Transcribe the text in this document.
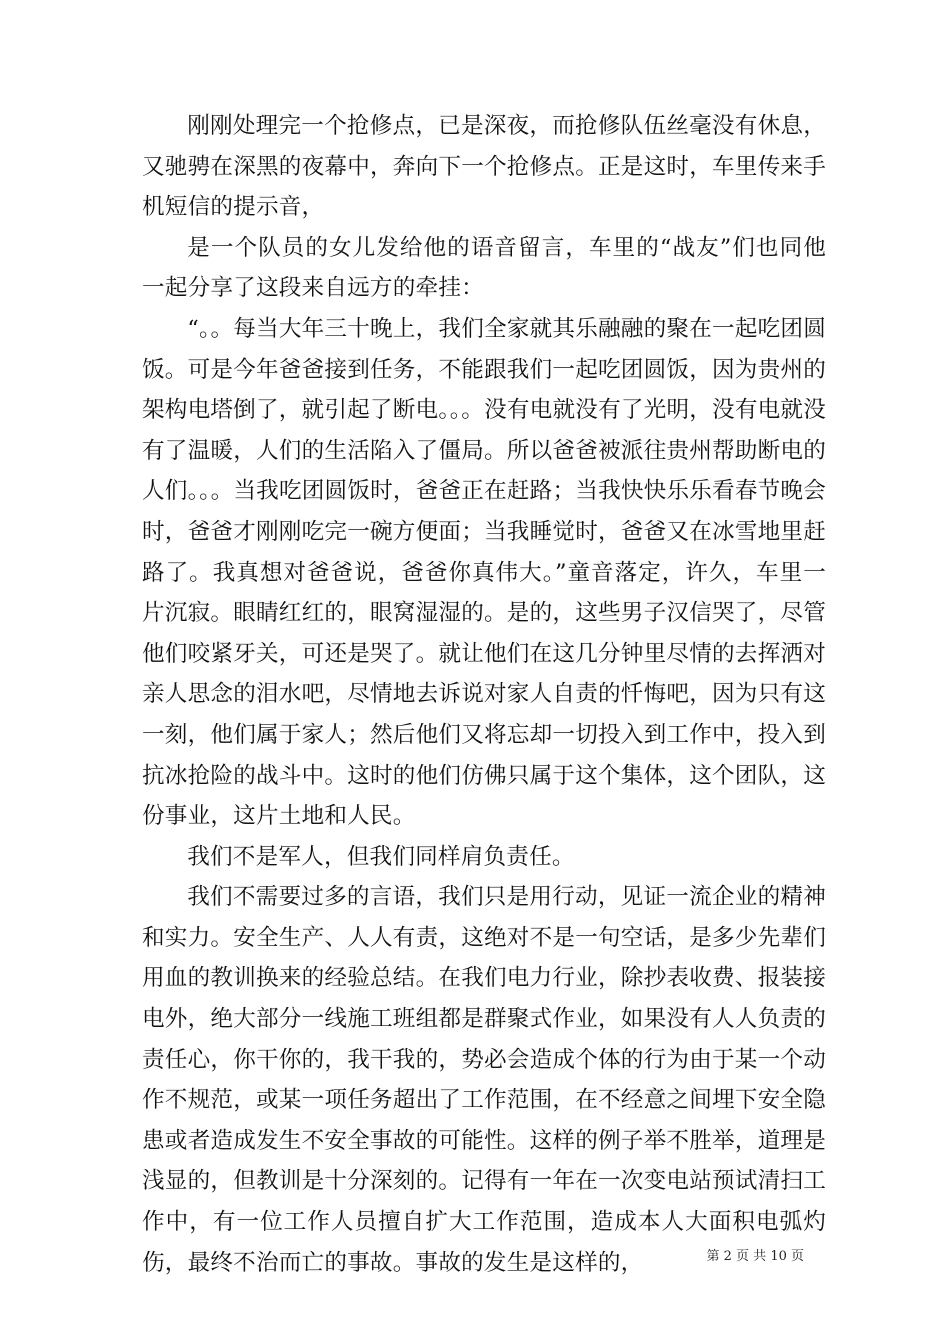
刚刚处理完一个抢修点，已是深夜，而抢修队伍丝毫没有休息，又驰骋在深黑的夜幕中，奔向下一个抢修点。正是这时，车里传来手机短信的提示音，

是一个队员的女儿发给他的语音留言，车里的“战友”们也同他一起分享了这段来自远方的牵挂：

“。。每当大年三十晚上，我们全家就其乐融融的聚在一起吃团圆饭。可是今年爸爸接到任务，不能跟我们一起吃团圆饭，因为贵州的架构电塔倒了，就引起了断电。。。没有电就没有了光明，没有电就没有了温暖，人们的生活陷入了僵局。所以爸爸被派往贵州帮助断电的人们。。。当我吃团圆饭时，爸爸正在赶路；当我快快乐乐看春节晚会时，爸爸才刚刚吃完一碗方便面；当我睡觉时，爸爸又在冰雪地里赶路了。我真想对爸爸说，爸爸你真伟大。”童音落定，许久，车里一片沉寂。眼睛红红的，眼窝湿湿的。是的，这些男子汉信哭了，尽管他们咬紧牙关，可还是哭了。就让他们在这几分钟里尽情的去挥洒对亲人思念的泪水吧，尽情地去诉说对家人自责的忏悔吧，因为只有这一刻，他们属于家人；然后他们又将忘却一切投入到工作中，投入到抗冰抢险的战斗中。这时的他们仿佛只属于这个集体，这个团队，这份事业，这片土地和人民。

我们不是军人，但我们同样肩负责任。

我们不需要过多的言语，我们只是用行动，见证一流企业的精神和实力。安全生产、人人有责，这绝对不是一句空话，是多少先辈们用血的教训换来的经验总结。在我们电力行业，除抄表收费、报装接电外，绝大部分一线施工班组都是群聚式作业，如果没有人人负责的责任心，你干你的，我干我的，势必会造成个体的行为由于某一个动作不规范，或某一项任务超出了工作范围，在不经意之间埋下安全隐患或者造成发生不安全事故的可能性。这样的例子举不胜举，道理是浅显的，但教训是十分深刻的。记得有一年在一次变电站预试清扫工作中，有一位工作人员擅自扩大工作范围，造成本人大面积电弧灼伤，最终不治而亡的事故。事故的发生是这样的，	第 2 页 共 10 页
